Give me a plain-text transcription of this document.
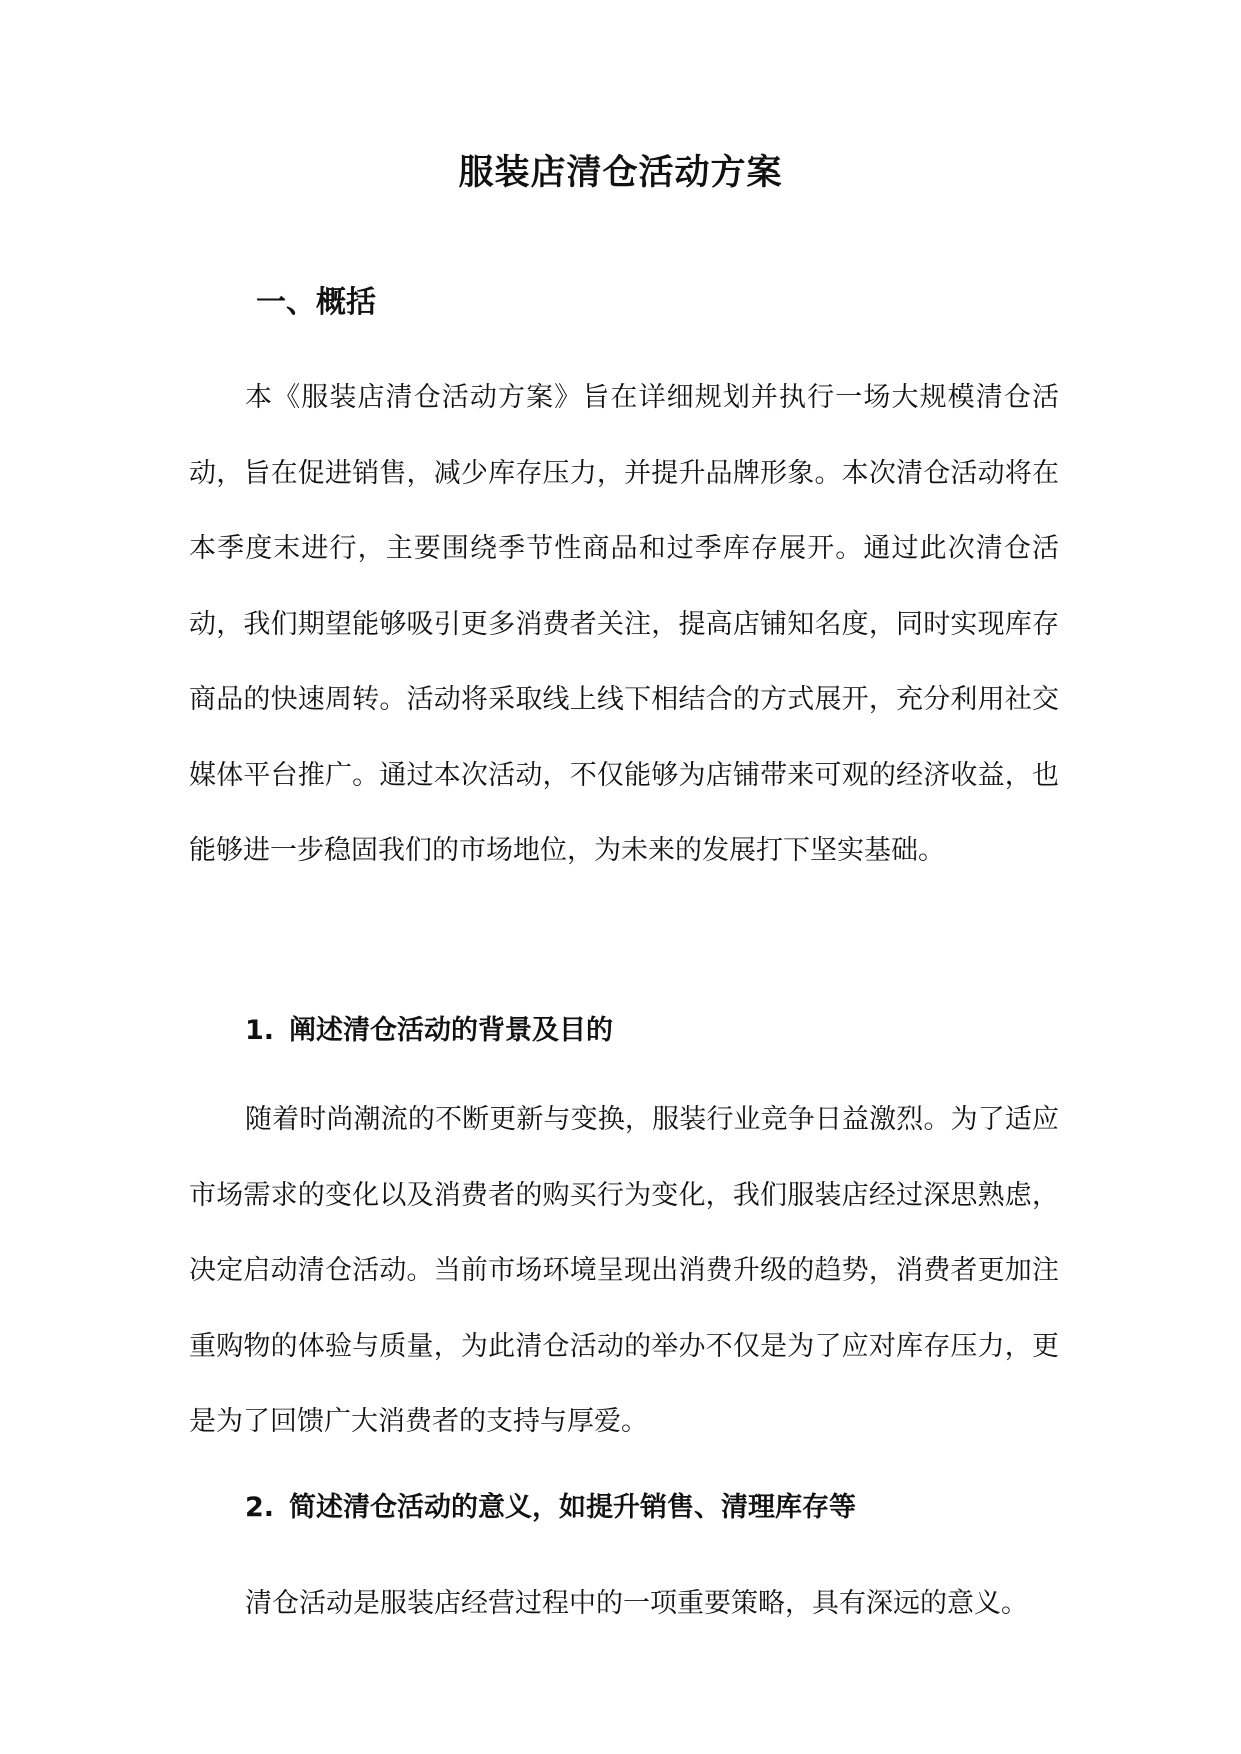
服装店清仓活动方案
一、概括

本《服装店清仓活动方案》旨在详细规划并执行一场大规模清仓活动，旨在促进销售，减少库存压力，并提升品牌形象。本次清仓活动将在本季度末进行，主要围绕季节性商品和过季库存展开。通过此次清仓活动，我们期望能够吸引更多消费者关注，提高店铺知名度，同时实现库存商品的快速周转。活动将采取线上线下相结合的方式展开，充分利用社交媒体平台推广。通过本次活动，不仅能够为店铺带来可观的经济收益，也能够进一步稳固我们的市场地位，为未来的发展打下坚实基础。

1. 阐述清仓活动的背景及目的

随着时尚潮流的不断更新与变换，服装行业竞争日益激烈。为了适应市场需求的变化以及消费者的购买行为变化，我们服装店经过深思熟虑，决定启动清仓活动。当前市场环境呈现出消费升级的趋势，消费者更加注重购物的体验与质量，为此清仓活动的举办不仅是为了应对库存压力，更是为了回馈广大消费者的支持与厚爱。

2. 简述清仓活动的意义，如提升销售、清理库存等

清仓活动是服装店经营过程中的一项重要策略，具有深远的意义。
